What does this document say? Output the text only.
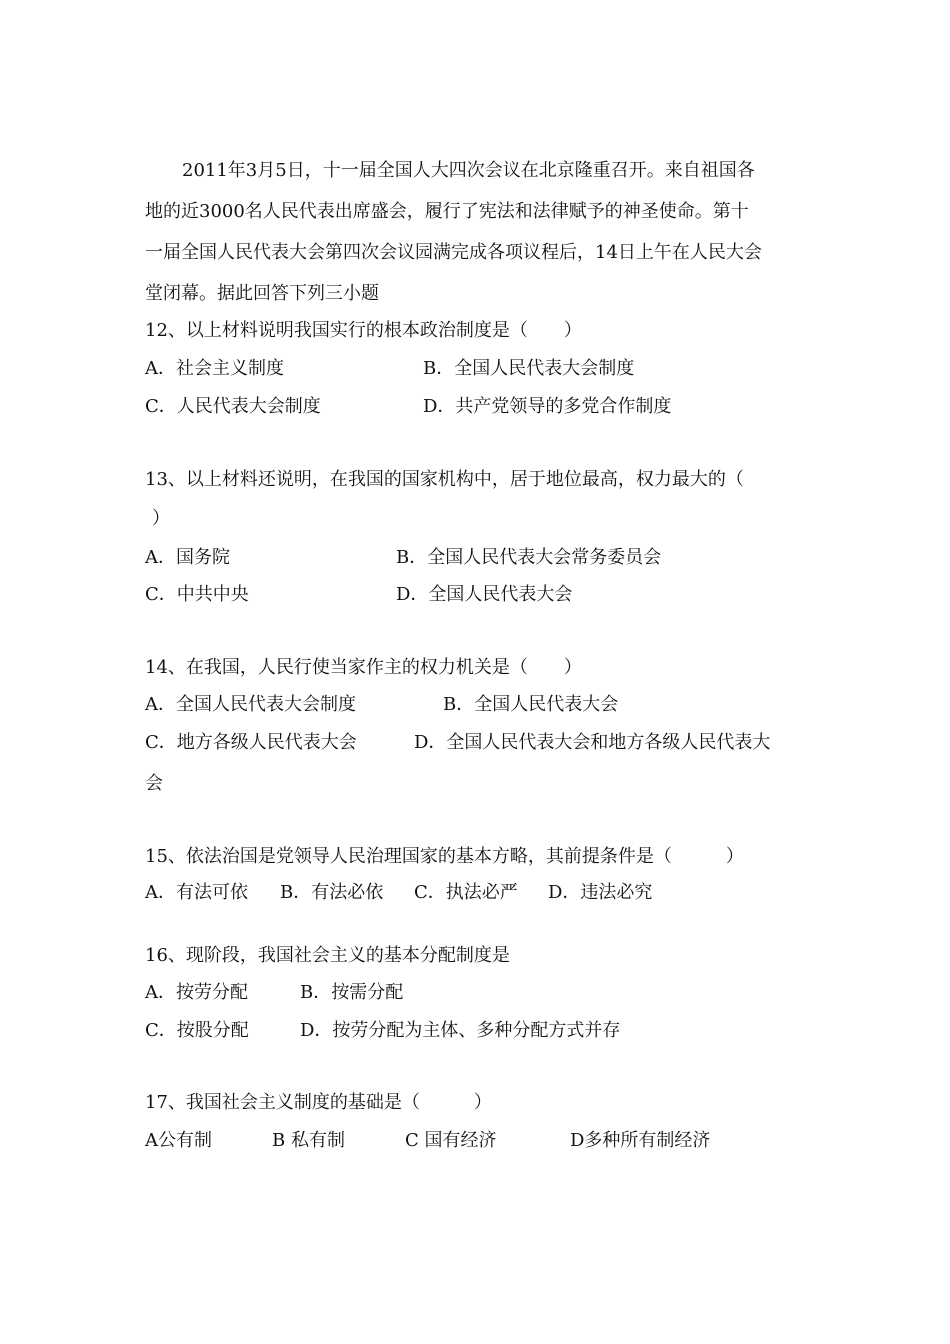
2011年3月5日，十一届全国人大四次会议在北京隆重召开。来自祖国各
地的近3000名人民代表出席盛会，履行了宪法和法律赋予的神圣使命。第十
一届全国人民代表大会第四次会议园满完成各项议程后，14日上午在人民大会
堂闭幕。据此回答下列三小题
12、以上材料说明我国实行的根本政治制度是（　　）
A．社会主义制度	B．全国人民代表大会制度
C．人民代表大会制度	D．共产党领导的多党合作制度
13、以上材料还说明，在我国的国家机构中，居于地位最高，权力最大的（
）
A．国务院	B．全国人民代表大会常务委员会
C．中共中央	D．全国人民代表大会
14、在我国，人民行使当家作主的权力机关是（　　）
A．全国人民代表大会制度	B．全国人民代表大会
C．地方各级人民代表大会	D．全国人民代表大会和地方各级人民代表大
会
15、依法治国是党领导人民治理国家的基本方略，其前提条件是（　　　）
A．有法可依 B．有法必依 C．执法必严 D．违法必究
16、现阶段，我国社会主义的基本分配制度是
A．按劳分配	B．按需分配
C．按股分配	D．按劳分配为主体、多种分配方式并存
17、我国社会主义制度的基础是（　　　）
A公有制	B 私有制	C 国有经济	D多种所有制经济
